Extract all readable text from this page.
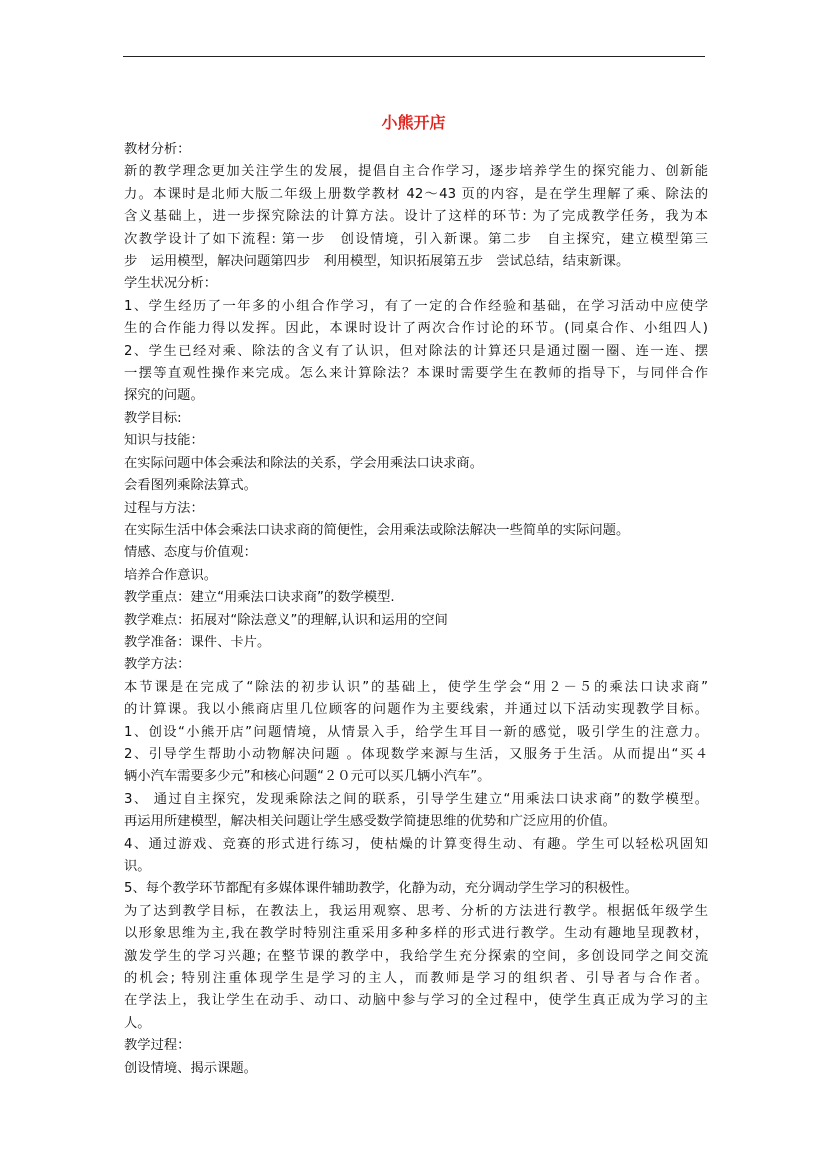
小熊开店
教材分析：
新的教学理念更加关注学生的发展，提倡自主合作学习，逐步培养学生的探究能力、创新能
力。本课时是北师大版二年级上册数学教材 42～43 页的内容，是在学生理解了乘、除法的
含义基础上，进一步探究除法的计算方法。设计了这样的环节: 为了完成教学任务，我为本
次教学设计了如下流程: 第一步　创设情境，引入新课。第二步　自主探究，建立模型第三
步　运用模型，解决问题第四步　利用模型，知识拓展第五步　尝试总结，结束新课。
学生状况分析：
1、学生经历了一年多的小组合作学习，有了一定的合作经验和基础，在学习活动中应使学
生的合作能力得以发挥。因此，本课时设计了两次合作讨论的环节。(同桌合作、小组四人)
2、学生已经对乘、除法的含义有了认识，但对除法的计算还只是通过圈一圈、连一连、摆
一摆等直观性操作来完成。怎么来计算除法？本课时需要学生在教师的指导下，与同伴合作
探究的问题。
教学目标:
知识与技能：
在实际问题中体会乘法和除法的关系，学会用乘法口诀求商。
会看图列乘除法算式。
过程与方法：
在实际生活中体会乘法口诀求商的简便性，会用乘法或除法解决一些简单的实际问题。
情感、态度与价值观：
培养合作意识。
教学重点：建立“用乘法口诀求商”的数学模型.
教学难点：拓展对“除法意义”的理解,认识和运用的空间
教学准备：课件、卡片。
教学方法：
本节课是在完成了“除法的初步认识”的基础上，使学生学会“用２－５的乘法口诀求商”
的计算课。我以小熊商店里几位顾客的问题作为主要线索，并通过以下活动实现教学目标。
1、创设“小熊开店”问题情境，从情景入手，给学生耳目一新的感觉，吸引学生的注意力。
2、引导学生帮助小动物解决问题 。体现数学来源与生活，又服务于生活。从而提出“买４
辆小汽车需要多少元”和核心问题“２０元可以买几辆小汽车”。
3、 通过自主探究，发现乘除法之间的联系，引导学生建立“用乘法口诀求商”的数学模型。
再运用所建模型，解决相关问题让学生感受数学简捷思维的优势和广泛应用的价值。
4、通过游戏、竞赛的形式进行练习，使枯燥的计算变得生动、有趣。学生可以轻松巩固知
识。
5、每个教学环节都配有多媒体课件辅助教学，化静为动，充分调动学生学习的积极性。
为了达到教学目标，在教法上，我运用观察、思考、分析的方法进行教学。根据低年级学生
以形象思维为主,我在教学时特别注重采用多种多样的形式进行教学。生动有趣地呈现教材，
激发学生的学习兴趣; 在整节课的教学中，我给学生充分探索的空间，多创设同学之间交流
的机会; 特别注重体现学生是学习的主人，而教师是学习的组织者、引导者与合作者。
在学法上，我让学生在动手、动口、动脑中参与学习的全过程中，使学生真正成为学习的主
人。
教学过程：
创设情境、揭示课题。
